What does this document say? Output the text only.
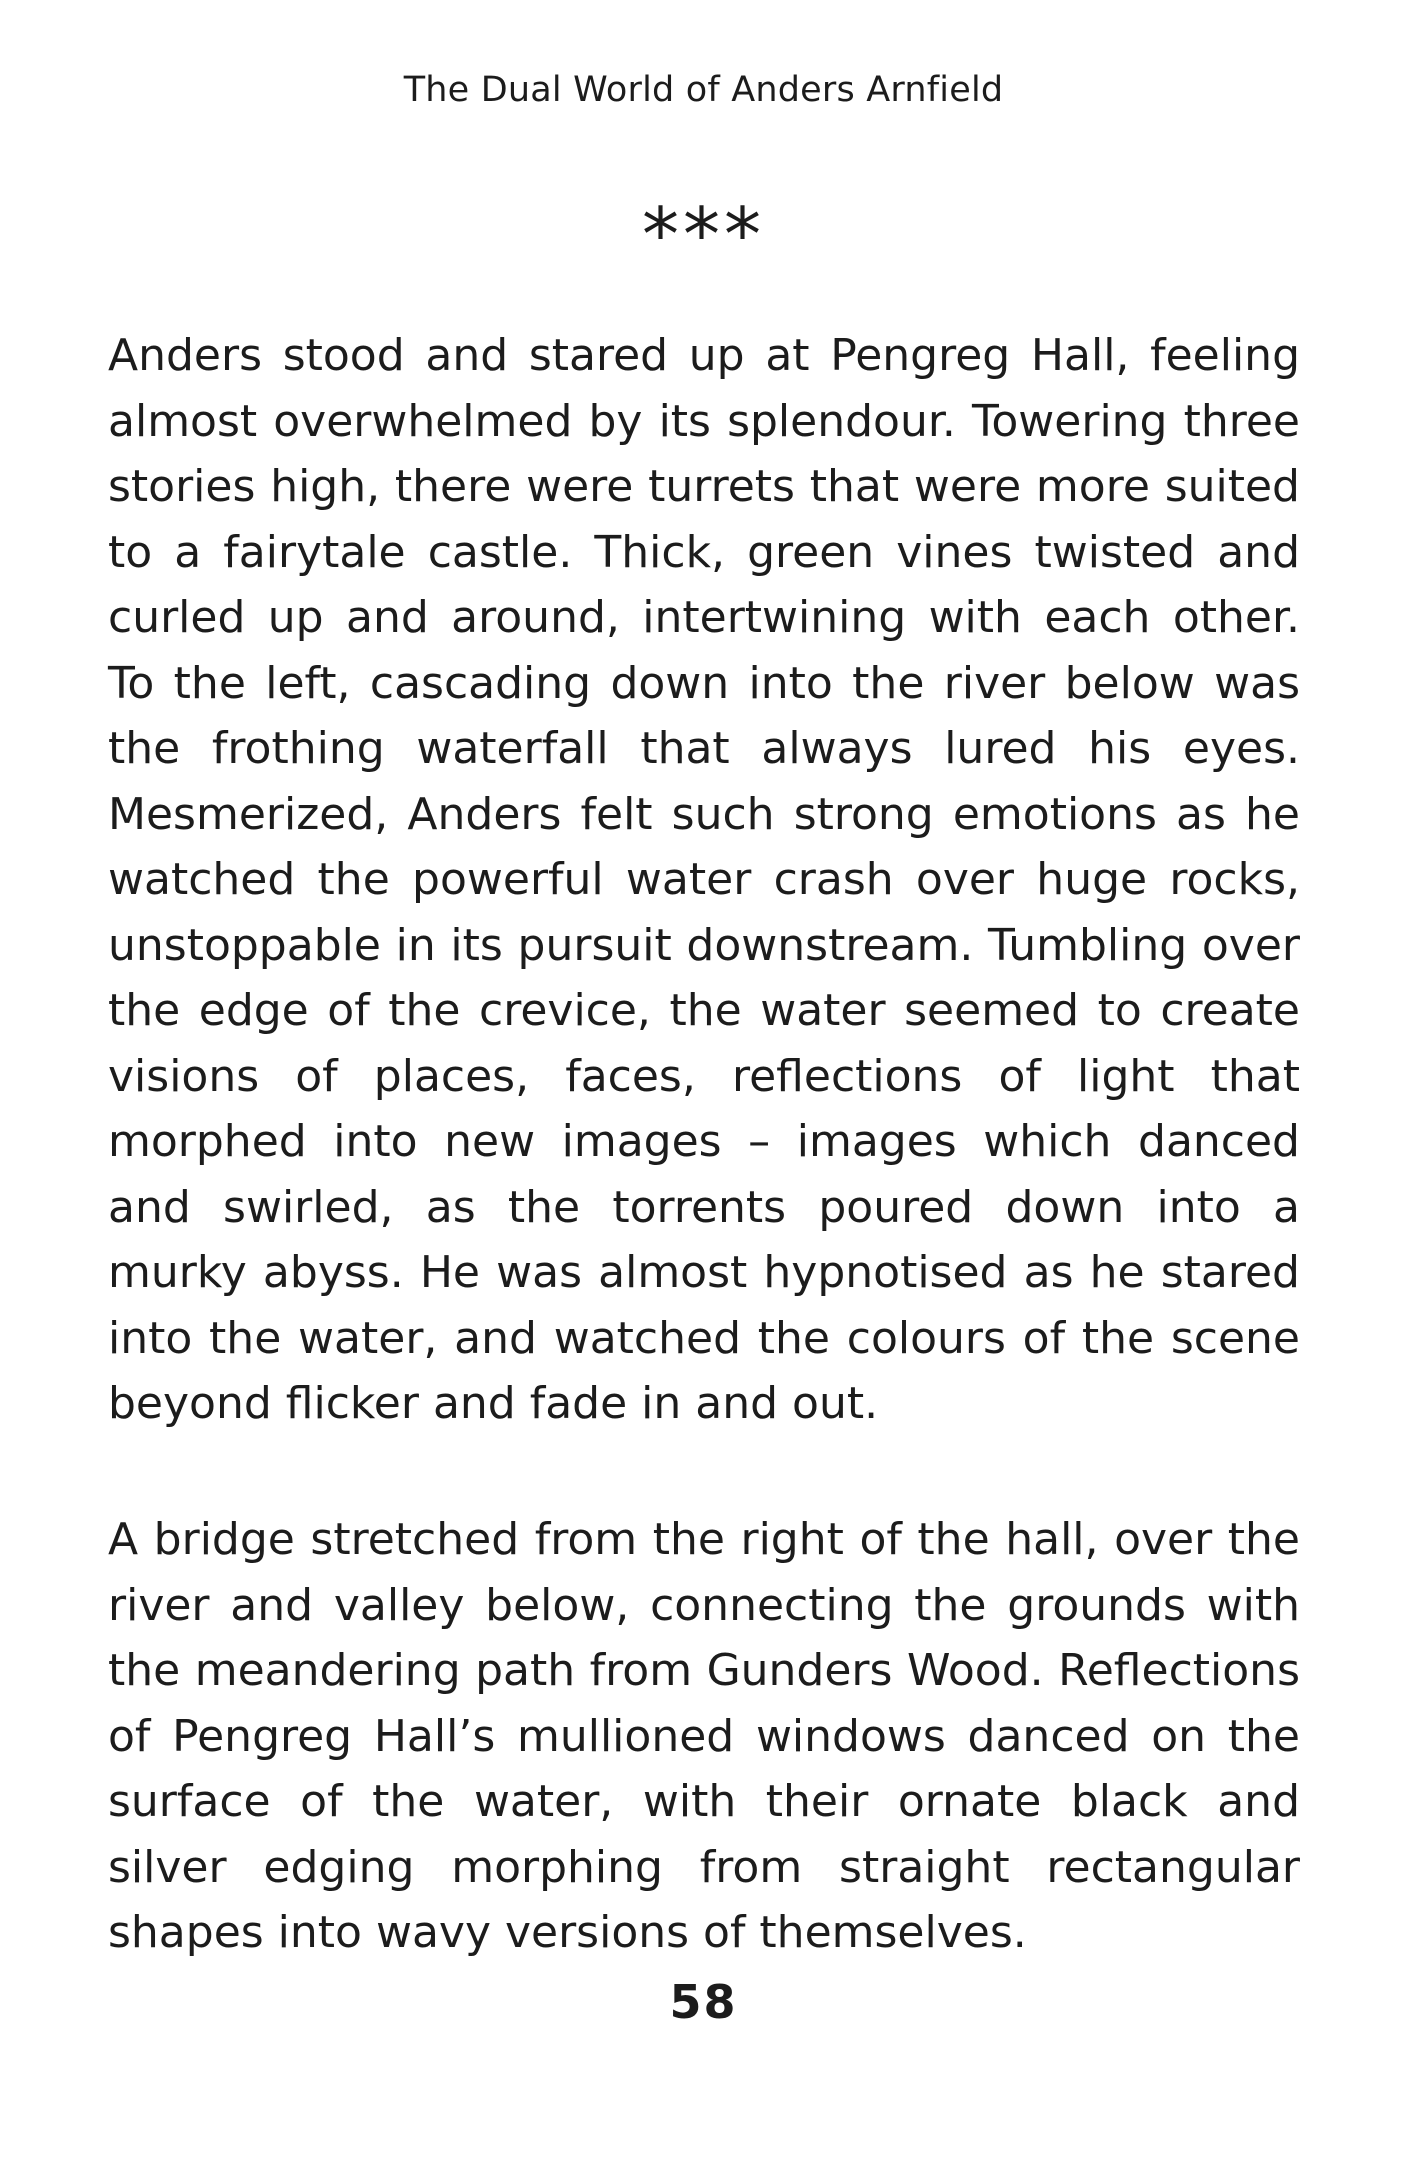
The Dual World of Anders Arnfield
***

Anders stood and stared up at Pengreg Hall, feeling almost overwhelmed by its splendour. Towering three stories high, there were turrets that were more suited to a fairytale castle. Thick, green vines twisted and curled up and around, intertwining with each other. To the left, cascading down into the river below was the frothing waterfall that always lured his eyes. Mesmerized, Anders felt such strong emotions as he watched the powerful water crash over huge rocks, unstoppable in its pursuit downstream. Tumbling over the edge of the crevice, the water seemed to create visions of places, faces, reflections of light that morphed into new images – images which danced and swirled, as the torrents poured down into a murky abyss. He was almost hypnotised as he stared into the water, and watched the colours of the scene beyond flicker and fade in and out.

A bridge stretched from the right of the hall, over the river and valley below, connecting the grounds with the meandering path from Gunders Wood. Reflections of Pengreg Hall’s mullioned windows danced on the surface of the water, with their ornate black and silver edging morphing from straight rectangular shapes into wavy versions of themselves.

58
